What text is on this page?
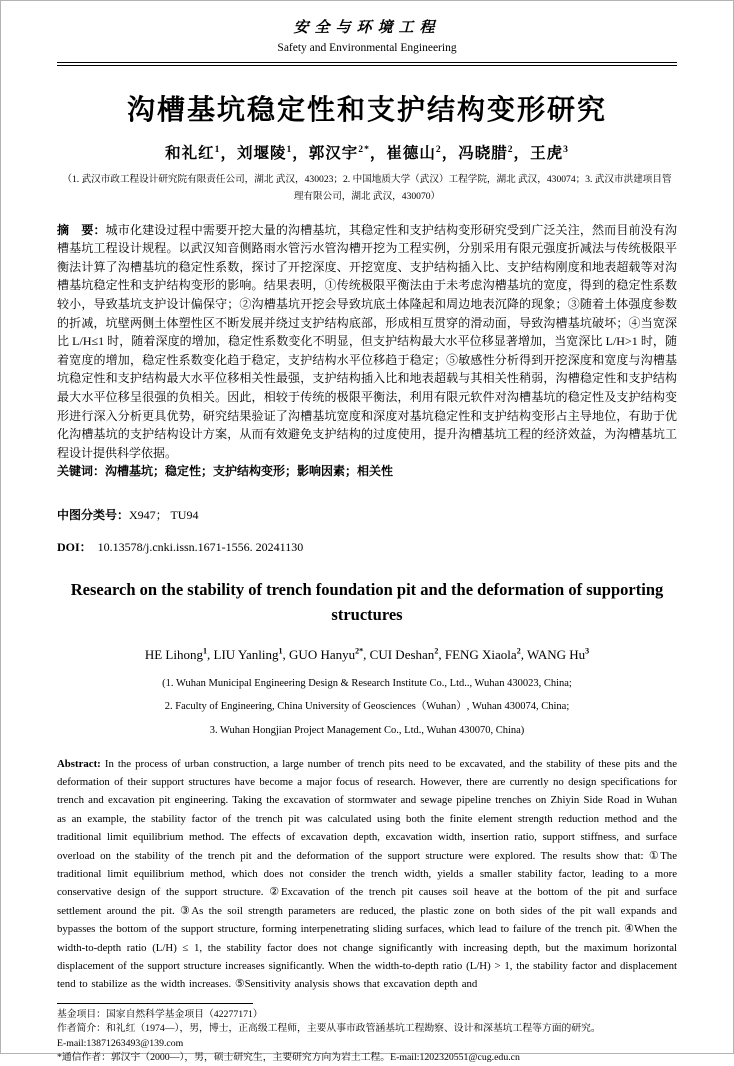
安全与环境工程
Safety and Environmental Engineering
沟槽基坑稳定性和支护结构变形研究
和礼红$^1$，刘堰陵$^1$，郭汉宇$^{2*}$，崔德山$^2$，冯晓腊$^2$，王虎$^3$
（1. 武汉市政工程设计研究院有限责任公司，湖北 武汉，430023；2. 中国地质大学（武汉）工程学院，湖北 武汉，430074；3. 武汉市洪建项目管理有限公司，湖北 武汉，430070）

摘　要：城市化建设过程中需要开挖大量的沟槽基坑，其稳定性和支护结构变形研究受到广泛关注，然而目前没有沟槽基坑工程设计规程。以武汉知音侧路雨水管污水管沟槽开挖为工程实例，分别采用有限元强度折减法与传统极限平衡法计算了沟槽基坑的稳定性系数，探讨了开挖深度、开挖宽度、支护结构插入比、支护结构刚度和地表超载等对沟槽基坑稳定性和支护结构变形的影响。结果表明，①传统极限平衡法由于未考虑沟槽基坑的宽度，得到的稳定性系数较小，导致基坑支护设计偏保守；②沟槽基坑开挖会导致坑底土体隆起和周边地表沉降的现象；③随着土体强度参数的折减，坑壁两侧土体塑性区不断发展并绕过支护结构底部，形成相互贯穿的滑动面，导致沟槽基坑破坏；④当宽深比 L/H≤1 时，随着深度的增加，稳定性系数变化不明显，但支护结构最大水平位移显著增加，当宽深比 L/H>1 时，随着宽度的增加，稳定性系数变化趋于稳定，支护结构水平位移趋于稳定；⑤敏感性分析得到开挖深度和宽度与沟槽基坑稳定性和支护结构最大水平位移相关性最强，支护结构插入比和地表超载与其相关性稍弱，沟槽稳定性和支护结构最大水平位移呈很强的负相关。因此，相较于传统的极限平衡法，利用有限元软件对沟槽基坑的稳定性及支护结构变形进行深入分析更具优势，研究结果验证了沟槽基坑宽度和深度对基坑稳定性和支护结构变形占主导地位，有助于优化沟槽基坑的支护结构设计方案，从而有效避免支护结构的过度使用，提升沟槽基坑工程的经济效益，为沟槽基坑工程设计提供科学依据。

关键词：沟槽基坑；稳定性；支护结构变形；影响因素；相关性

中图分类号：X947； TU94

DOI： 10.13578/j.cnki.issn.1671-1556. 20241130

Research on the stability of trench foundation pit and the deformation of supporting structures
HE Lihong$^1$, LIU Yanling$^1$, GUO Hanyu$^{2*}$, CUI Deshan$^2$, FENG Xiaola$^2$, WANG Hu$^3$
(1. Wuhan Municipal Engineering Design & Research Institute Co., Ltd.., Wuhan 430023, China;
2. Faculty of Engineering, China University of Geosciences（Wuhan）, Wuhan 430074, China;
3. Wuhan Hongjian Project Management Co., Ltd., Wuhan 430070, China)

Abstract: In the process of urban construction, a large number of trench pits need to be excavated, and the stability of these pits and the deformation of their support structures have become a major focus of research. However, there are currently no design specifications for trench and excavation pit engineering. Taking the excavation of stormwater and sewage pipeline trenches on Zhiyin Side Road in Wuhan as an example, the stability factor of the trench pit was calculated using both the finite element strength reduction method and the traditional limit equilibrium method. The effects of excavation depth, excavation width, insertion ratio, support stiffness, and surface overload on the stability of the trench pit and the deformation of the support structure were explored. The results show that: ①The traditional limit equilibrium method, which does not consider the trench width, yields a smaller stability factor, leading to a more conservative design of the support structure. ②Excavation of the trench pit causes soil heave at the bottom of the pit and surface settlement around the pit. ③As the soil strength parameters are reduced, the plastic zone on both sides of the pit wall expands and bypasses the bottom of the support structure, forming interpenetrating sliding surfaces, which lead to failure of the trench pit. ④When the width-to-depth ratio (L/H) ≤ 1, the stability factor does not change significantly with increasing depth, but the maximum horizontal displacement of the support structure increases significantly. When the width-to-depth ratio (L/H) > 1, the stability factor and displacement tend to stabilize as the width increases. ⑤Sensitivity analysis shows that excavation depth and

基金项目：国家自然科学基金项目（42277171）
作者简介：和礼红（1974—），男，博士，正高级工程师，主要从事市政管涵基坑工程勘察、设计和深基坑工程等方面的研究。
E-mail:13871263493@139.com
*通信作者：郭汉宇（2000—），男，硕士研究生，主要研究方向为岩土工程。E-mail:1202320551@cug.edu.cn
